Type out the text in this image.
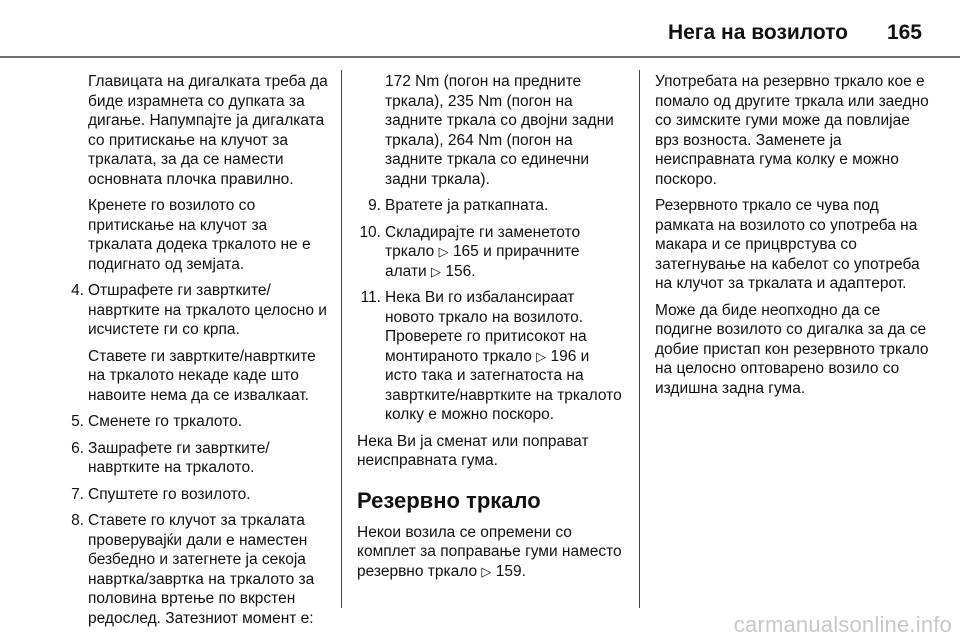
Нега на возилото 165

Главицата на дигалката треба да биде израмнета со дупката за дигање. Напумпајте ја дигалката со притискање на клучот за тркалата, за да се намести основната плочка правилно.

Кренете го возилото со притискање на клучот за тркалата додека тркалото не е подигнато од земјата.

4. Отшрафете ги завртките/ навртките на тркалото целосно и исчистете ги со крпа.

Ставете ги завртките/навртките на тркалото некаде каде што навоите нема да се извалкаат.

5. Сменете го тркалото.
6. Зашрафете ги завртките/ навртките на тркалото.
7. Спуштете го возилото.
8. Ставете го клучот за тркалата проверувајќи дали е наместен безбедно и затегнете ја секоја навртка/завртка на тркалото за половина вртење по вкрстен редослед. Затезниот момент е:

172 Nm (погон на предните тркала), 235 Nm (погон на задните тркала со двојни задни тркала), 264 Nm (погон на задните тркала со единечни задни тркала).

9. Вратете ја раткапната.
10. Складирајте ги заменетото тркало ▷ 165 и прирачните алати ▷ 156.
11. Нека Ви го избалансираат новото тркало на возилото. Проверете го притисокот на монтираното тркало ▷ 196 и исто така и затегнатоста на завртките/навртките на тркалото колку е можно поскоро.

Нека Ви ја сменат или поправат неисправната гума.

Резервно тркало

Некои возила се опремени со комплет за поправање гуми наместо резервно тркало ▷ 159.

Употребата на резервно тркало кое е помало од другите тркала или заедно со зимските гуми може да повлијае врз возноста. Заменете ја неисправната гума колку е можно поскоро.

Резервното тркало се чува под рамката на возилото со употреба на макара и се прицврстува со затегнување на кабелот со употреба на клучот за тркалата и адаптерот.

Може да биде неопходно да се подигне возилото со дигалка за да се добие пристап кон резервното тркало на целосно оптоварено возило со издишна задна гума.

carmanualsonline.info
